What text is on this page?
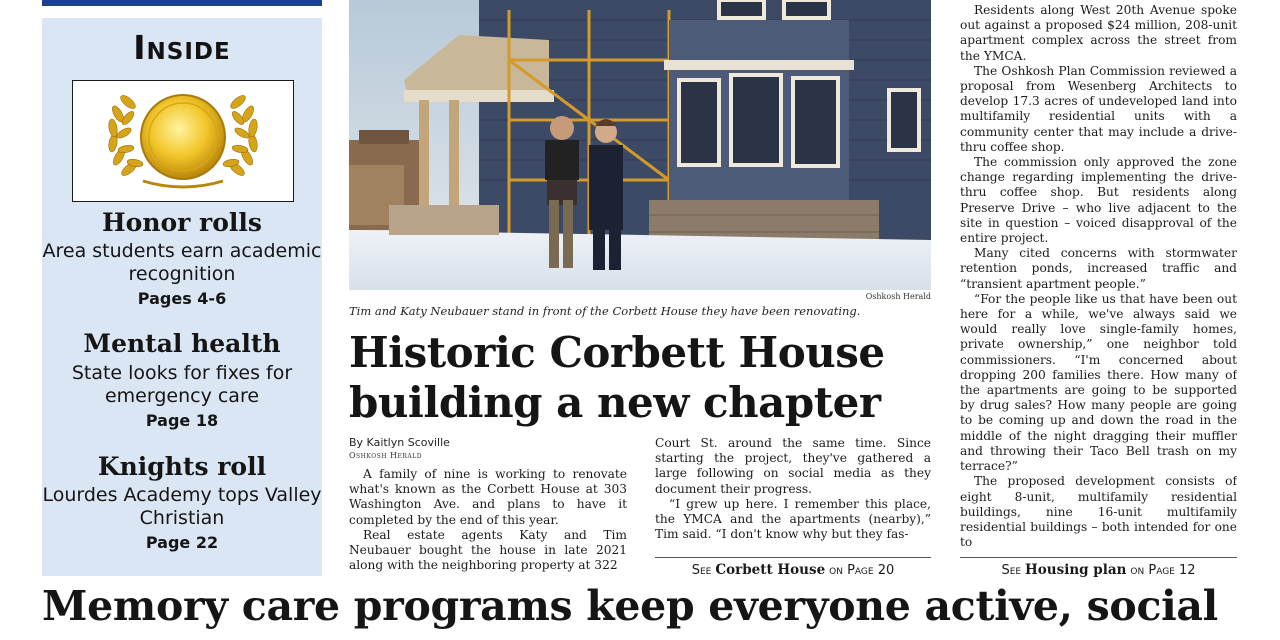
Inside
Honor rolls
Area students earn academic recognition
Pages 4-6
Mental health
State looks for fixes for emergency care
Page 18
Knights roll
Lourdes Academy tops Valley Christian
Page 22
Oshkosh Herald
Tim and Katy Neubauer stand in front of the Corbett House they have been renovating.
Historic Corbett House
building a new chapter
By Kaitlyn Scoville
Oshkosh Herald

A family of nine is working to renovate what's known as the Corbett House at 303 Washington Ave. and plans to have it completed by the end of this year.

Real estate agents Katy and Tim Neubauer bought the house in late 2021 along with the neighboring property at 322

Court St. around the same time. Since starting the project, they've gathered a large following on social media as they document their progress.

“I grew up here. I remember this place, the YMCA and the apartments (nearby),” Tim said. “I don't know why but they fas-

See Corbett House on Page 20

Residents along West 20th Avenue spoke out against a proposed $24 million, 208-unit apartment complex across the street from the YMCA.

The Oshkosh Plan Commission reviewed a proposal from Wesenberg Architects to develop 17.3 acres of undeveloped land into multifamily residential units with a community center that may include a drive-thru coffee shop.

The commission only approved the zone change regarding implementing the drive-thru coffee shop. But residents along Preserve Drive – who live adjacent to the site in question – voiced disapproval of the entire project.

Many cited concerns with stormwater retention ponds, increased traffic and “transient apartment people.”

“For the people like us that have been out here for a while, we've always said we would really love single-family homes, private ownership,” one neighbor told commissioners. “I'm concerned about dropping 200 families there. How many of the apartments are going to be supported by drug sales? How many people are going to be coming up and down the road in the middle of the night dragging their muffler and throwing their Taco Bell trash on my terrace?”

The proposed development consists of eight 8-unit, multifamily residential buildings, nine 16-unit multifamily residential buildings – both intended for one to

See Housing plan on Page 12
Memory care programs keep everyone active, social
